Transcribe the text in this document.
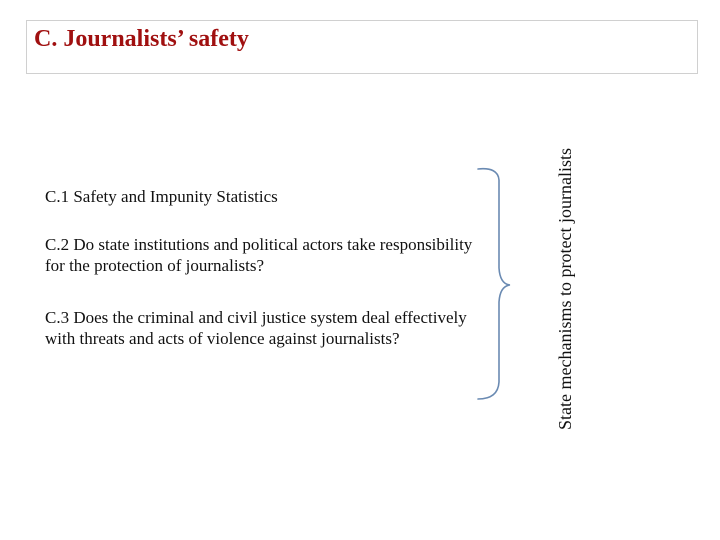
C. Journalists’ safety
C.1 Safety and Impunity Statistics
C.2 Do state institutions and political actors take responsibility for the protection of journalists?
C.3 Does the criminal and civil justice system deal effectively with threats and acts of violence against journalists?	State mechanisms to protect journalists
